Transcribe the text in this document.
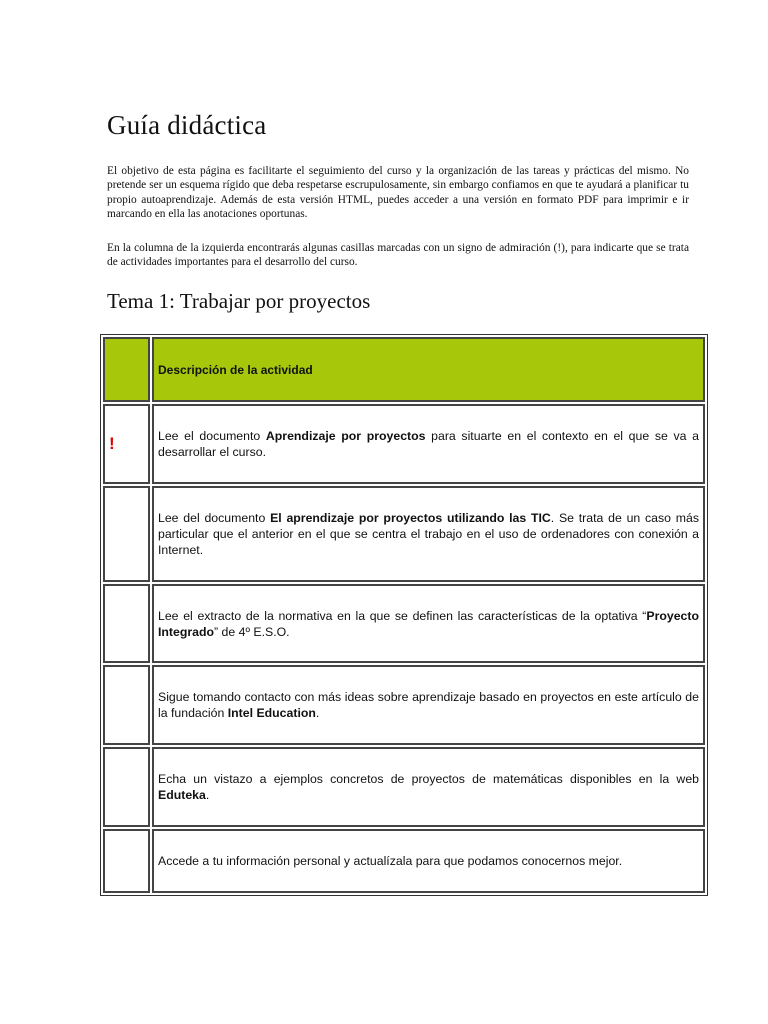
Guía didáctica

El objetivo de esta página es facilitarte el seguimiento del curso y la organización de las tareas y prácticas del mismo. No pretende ser un esquema rígido que deba respetarse escrupulosamente, sin embargo confiamos en que te ayudará a planificar tu propio autoaprendizaje. Además de esta versión HTML, puedes acceder a una versión en formato PDF para imprimir e ir marcando en ella las anotaciones oportunas.

En la columna de la izquierda encontrarás algunas casillas marcadas con un signo de admiración (!), para indicarte que se trata de actividades importantes para el desarrollo del curso.

Tema 1: Trabajar por proyectos
	Descripción de la actividad
!	Lee el documento Aprendizaje por proyectos para situarte en el contexto en el que se va a desarrollar el curso.
	Lee del documento El aprendizaje por proyectos utilizando las TIC. Se trata de un caso más particular que el anterior en el que se centra el trabajo en el uso de ordenadores con conexión a Internet.
	Lee el extracto de la normativa en la que se definen las características de la optativa “Proyecto Integrado” de 4º E.S.O.
	Sigue tomando contacto con más ideas sobre aprendizaje basado en proyectos en este artículo de la fundación Intel Education.
	Echa un vistazo a ejemplos concretos de proyectos de matemáticas disponibles en la web Eduteka.
	Accede a tu información personal y actualízala para que podamos conocernos mejor.
